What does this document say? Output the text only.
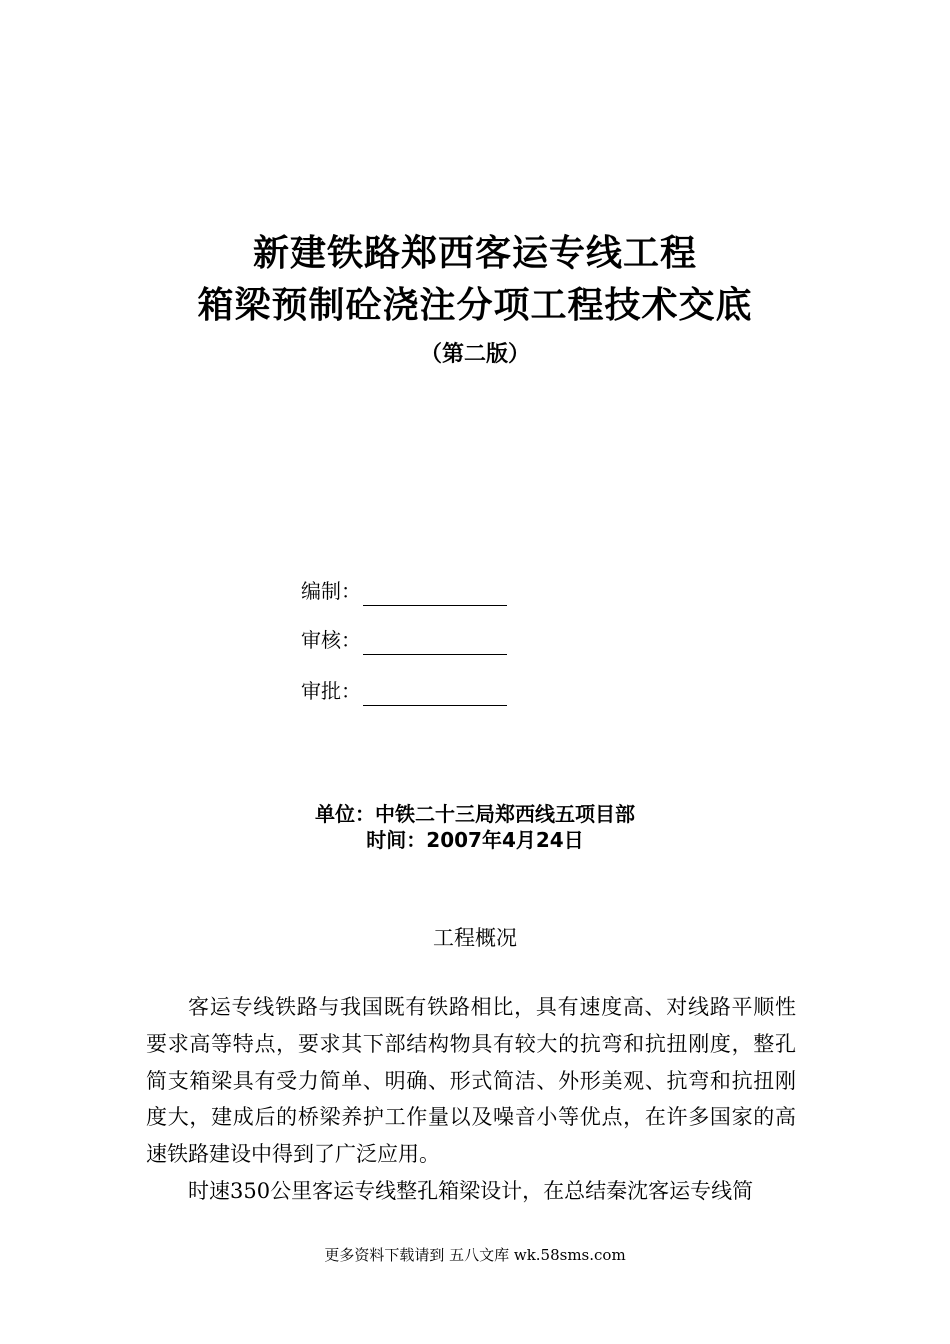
新建铁路郑西客运专线工程
箱梁预制砼浇注分项工程技术交底
（第二版）
编制：
审核：
审批：
单位：中铁二十三局郑西线五项目部
时间：2007年4月24日
工程概况

客运专线铁路与我国既有铁路相比，具有速度高、对线路平顺性要求高等特点，要求其下部结构物具有较大的抗弯和抗扭刚度，整孔简支箱梁具有受力简单、明确、形式简洁、外形美观、抗弯和抗扭刚度大，建成后的桥梁养护工作量以及噪音小等优点，在许多国家的高速铁路建设中得到了广泛应用。

时速350公里客运专线整孔箱梁设计，在总结秦沈客运专线简

更多资料下载请到 五八文库 wk.58sms.com
